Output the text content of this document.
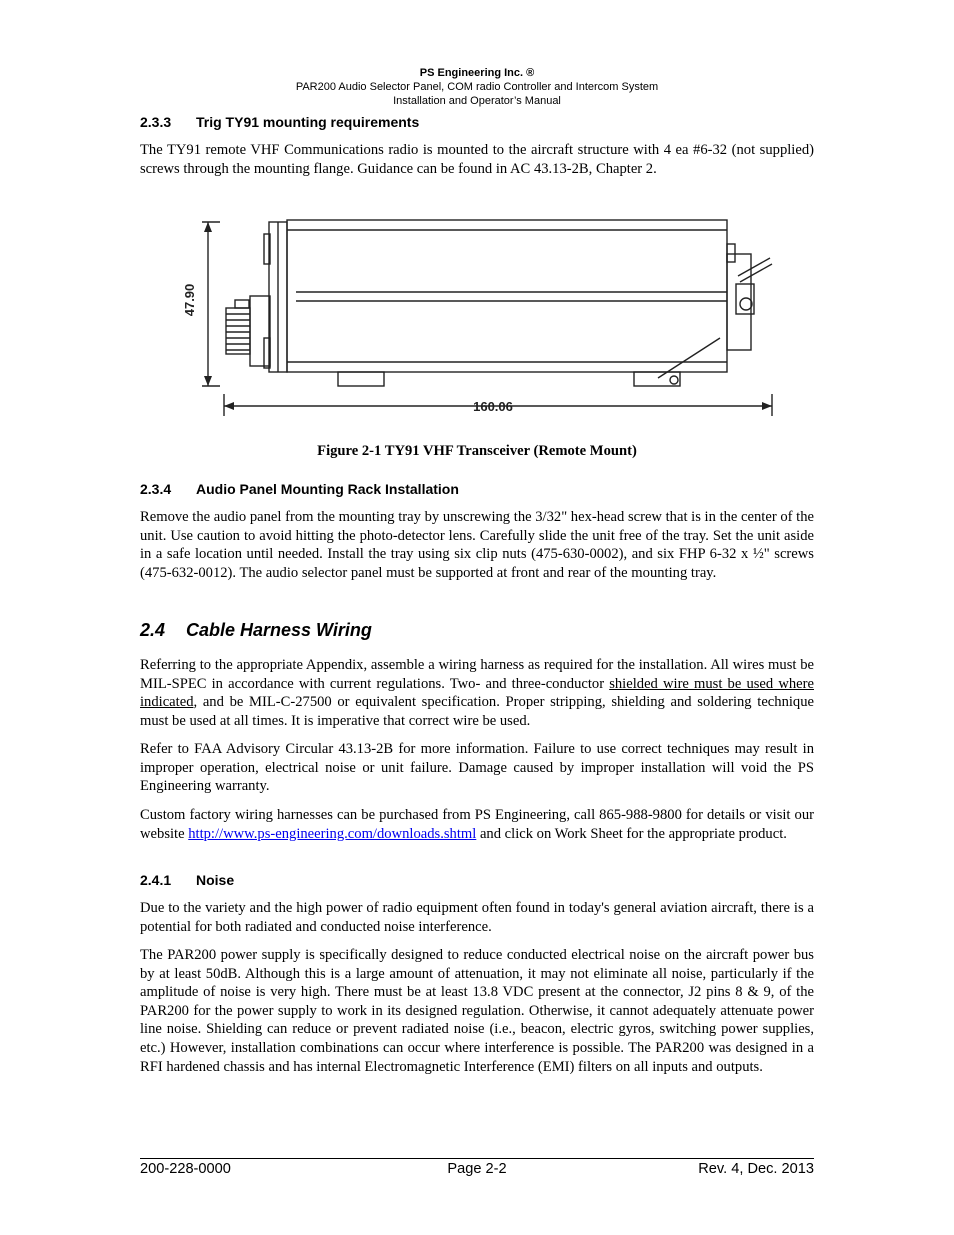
PS Engineering Inc. ®
PAR200 Audio Selector Panel, COM radio Controller and Intercom System
Installation and Operator’s Manual
2.3.3 Trig TY91 mounting requirements
The TY91 remote VHF Communications radio is mounted to the aircraft structure with 4 ea #6-32 (not supplied) screws through the mounting flange. Guidance can be found in AC 43.13-2B, Chapter 2.
47.90
160.06
Figure 2-1 TY91 VHF Transceiver (Remote Mount)
2.3.4 Audio Panel Mounting Rack Installation
Remove the audio panel from the mounting tray by unscrewing the 3/32" hex-head screw that is in the center of the unit. Use caution to avoid hitting the photo-detector lens. Carefully slide the unit free of the tray. Set the unit aside in a safe location until needed. Install the tray using six clip nuts (475-630-0002), and six FHP 6-32 x ½" screws (475-632-0012). The audio selector panel must be supported at front and rear of the mounting tray.
2.4 Cable Harness Wiring
Referring to the appropriate Appendix, assemble a wiring harness as required for the installation. All wires must be MIL-SPEC in accordance with current regulations. Two- and three-conductor shielded wire must be used where indicated, and be MIL-C-27500 or equivalent specification. Proper stripping, shielding and soldering technique must be used at all times. It is imperative that correct wire be used.
Refer to FAA Advisory Circular 43.13-2B for more information. Failure to use correct techniques may result in improper operation, electrical noise or unit failure. Damage caused by improper installation will void the PS Engineering warranty.
Custom factory wiring harnesses can be purchased from PS Engineering, call 865-988-9800 for details or visit our website http://www.ps-engineering.com/downloads.shtml and click on Work Sheet for the appropriate product.
2.4.1 Noise
Due to the variety and the high power of radio equipment often found in today's general aviation aircraft, there is a potential for both radiated and conducted noise interference.
The PAR200 power supply is specifically designed to reduce conducted electrical noise on the aircraft power bus by at least 50dB. Although this is a large amount of attenuation, it may not eliminate all noise, particularly if the amplitude of noise is very high. There must be at least 13.8 VDC present at the connector, J2 pins 8 & 9, of the PAR200 for the power supply to work in its designed regulation. Otherwise, it cannot adequately attenuate power line noise. Shielding can reduce or prevent radiated noise (i.e., beacon, electric gyros, switching power supplies, etc.) However, installation combinations can occur where interference is possible. The PAR200 was designed in a RFI hardened chassis and has internal Electromagnetic Interference (EMI) filters on all inputs and outputs.
200-228-0000	Page 2-2	Rev. 4, Dec. 2013
